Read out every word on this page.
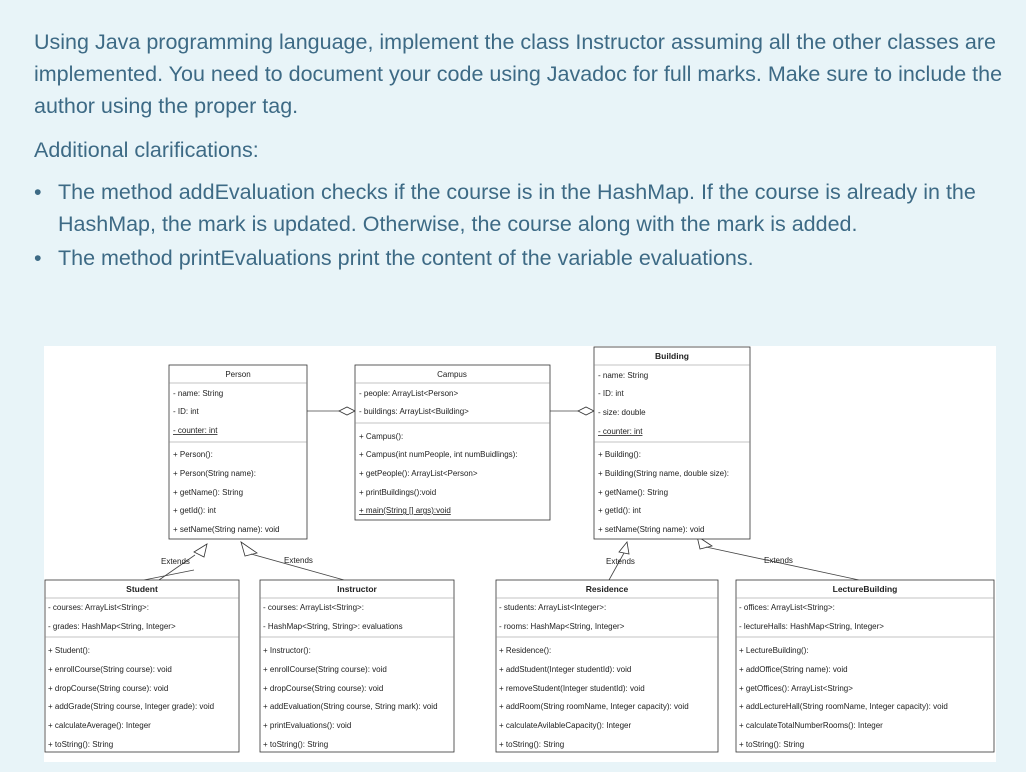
Using Java programming language, implement the class Instructor assuming all the other classes are implemented. You need to document your code using Javadoc for full marks. Make sure to include the author using the proper tag.

Additional clarifications:

• The method addEvaluation checks if the course is in the HashMap. If the course is already in the HashMap, the mark is updated. Otherwise, the course along with the mark is added.
• The method printEvaluations print the content of the variable evaluations.
Extends	Extends	Extends	Extends
Person
- name: String
- ID: int
- counter: int
+ Person():
+ Person(String name):
+ getName(): String
+ getId(): int
+ setName(String name): void
Campus
- people: ArrayList<Person>
- buildings: ArrayList<Building>
+ Campus():
+ Campus(int numPeople, int numBuidlings):
+ getPeople(): ArrayList<Person>
+ printBuildings():void
+ main(String [] args):void
Building
- name: String
- ID: int
- size: double
- counter: int
+ Building():
+ Building(String name, double size):
+ getName(): String
+ getId(): int
+ setName(String name): void
Student
- courses: ArrayList<String>:
- grades: HashMap<String, Integer>
+ Student():
+ enrollCourse(String course): void
+ dropCourse(String course): void
+ addGrade(String course, Integer grade): void
+ calculateAverage(): Integer
+ toString(): String
Instructor
- courses: ArrayList<String>:
- HashMap<String, String>: evaluations
+ Instructor():
+ enrollCourse(String course): void
+ dropCourse(String course): void
+ addEvaluation(String course, String mark): void
+ printEvaluations(): void
+ toString(): String
Residence
- students: ArrayList<Integer>:
- rooms: HashMap<String, Integer>
+ Residence():
+ addStudent(Integer studentId): void
+ removeStudent(Integer studentId): void
+ addRoom(String roomName, Integer capacity): void
+ calculateAvilableCapacity(): Integer
+ toString(): String
LectureBuilding
- offices: ArrayList<String>:
- lectureHalls: HashMap<String, Integer>
+ LectureBuilding():
+ addOffice(String name): void
+ getOffices(): ArrayList<String>
+ addLectureHall(String roomName, Integer capacity): void
+ calculateTotalNumberRooms(): Integer
+ toString(): String
